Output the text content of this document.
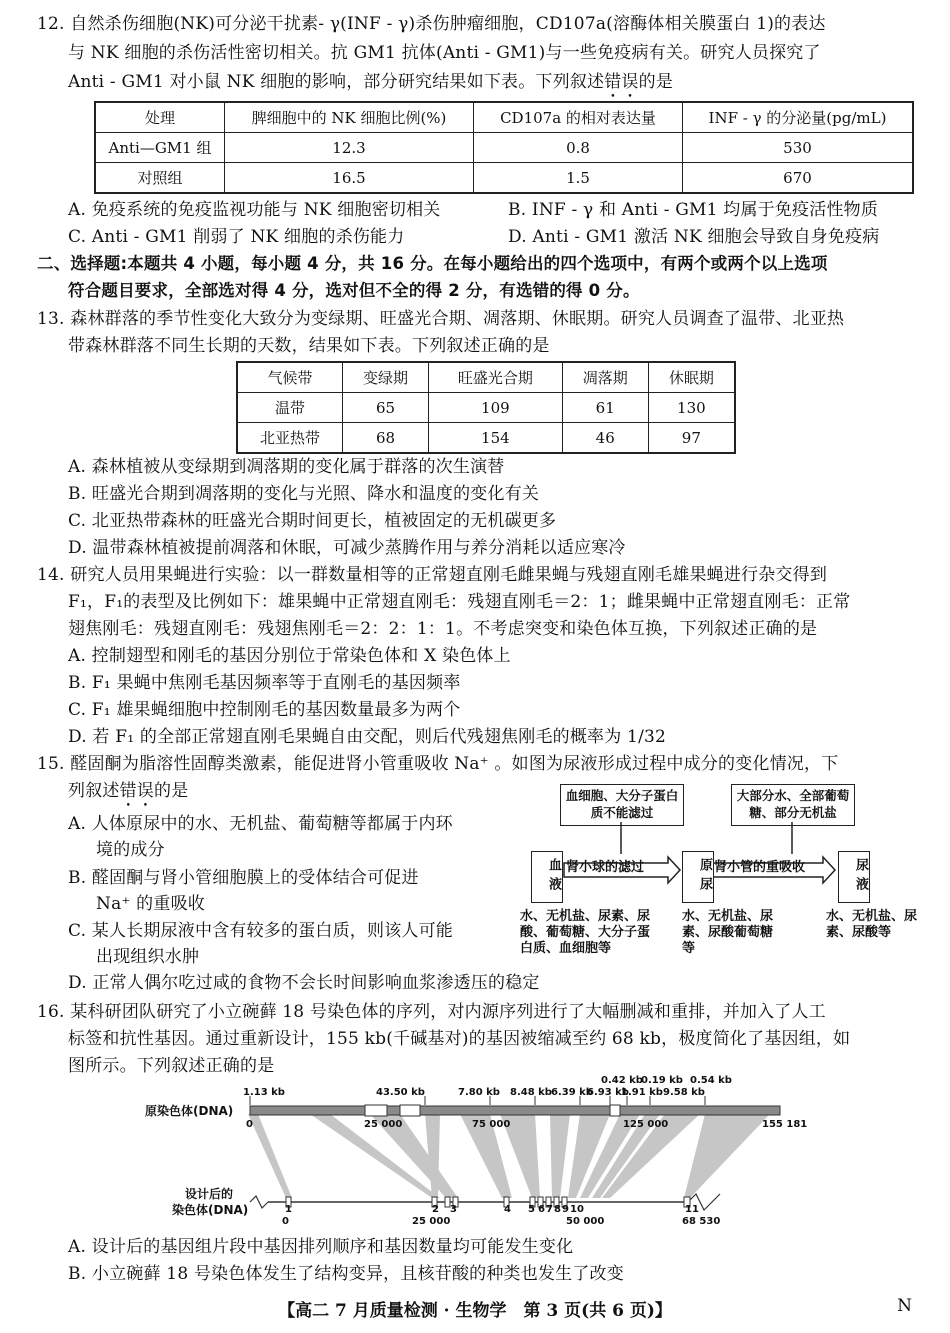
12. 自然杀伤细胞(NK)可分泌干扰素- γ(INF - γ)杀伤肿瘤细胞，CD107a(溶酶体相关膜蛋白 1)的表达
与 NK 细胞的杀伤活性密切相关。抗 GM1 抗体(Anti - GM1)与一些免疫病有关。研究人员探究了
Anti - GM1 对小鼠 NK 细胞的影响，部分研究结果如下表。下列叙述错误的是
处理	脾细胞中的 NK 细胞比例(%)	CD107a 的相对表达量	INF - γ 的分泌量(pg/mL)
Anti—GM1 组	12.3	0.8	530
对照组	16.5	1.5	670
A. 免疫系统的免疫监视功能与 NK 细胞密切相关	B. INF - γ 和 Anti - GM1 均属于免疫活性物质
C. Anti - GM1 削弱了 NK 细胞的杀伤能力	D. Anti - GM1 激活 NK 细胞会导致自身免疫病
二、选择题:本题共 4 小题，每小题 4 分，共 16 分。在每小题给出的四个选项中，有两个或两个以上选项
符合题目要求，全部选对得 4 分，选对但不全的得 2 分，有选错的得 0 分。
13. 森林群落的季节性变化大致分为变绿期、旺盛光合期、凋落期、休眠期。研究人员调查了温带、北亚热
带森林群落不同生长期的天数，结果如下表。下列叙述正确的是
气候带	变绿期	旺盛光合期	凋落期	休眠期
温带	65	109	61	130
北亚热带	68	154	46	97
A. 森林植被从变绿期到凋落期的变化属于群落的次生演替
B. 旺盛光合期到凋落期的变化与光照、降水和温度的变化有关
C. 北亚热带森林的旺盛光合期时间更长，植被固定的无机碳更多
D. 温带森林植被提前凋落和休眠，可减少蒸腾作用与养分消耗以适应寒冷
14. 研究人员用果蝇进行实验：以一群数量相等的正常翅直刚毛雌果蝇与残翅直刚毛雄果蝇进行杂交得到
F₁，F₁的表型及比例如下：雄果蝇中正常翅直刚毛：残翅直刚毛＝2：1；雌果蝇中正常翅直刚毛：正常
翅焦刚毛：残翅直刚毛：残翅焦刚毛＝2：2：1：1。不考虑突变和染色体互换，下列叙述正确的是
A. 控制翅型和刚毛的基因分别位于常染色体和 X 染色体上
B. F₁ 果蝇中焦刚毛基因频率等于直刚毛的基因频率
C. F₁ 雄果蝇细胞中控制刚毛的基因数量最多为两个
D. 若 F₁ 的全部正常翅直刚毛果蝇自由交配，则后代残翅焦刚毛的概率为 1/32
15. 醛固酮为脂溶性固醇类激素，能促进肾小管重吸收 Na⁺ 。如图为尿液形成过程中成分的变化情况，下
列叙述错误的是
A. 人体原尿中的水、无机盐、葡萄糖等都属于内环
境的成分
B. 醛固酮与肾小管细胞膜上的受体结合可促进
Na⁺ 的重吸收
C. 某人长期尿液中含有较多的蛋白质，则该人可能
出现组织水肿
D. 正常人偶尔吃过咸的食物不会长时间影响血浆渗透压的稳定
血细胞、大分子蛋白质不能滤过
大部分水、全部葡萄糖、部分无机盐
肾小球的滤过	肾小管的重吸收
血液	原尿	尿液
水、无机盐、尿素、尿酸、葡萄糖、大分子蛋白质、血细胞等
水、无机盐、尿素、尿酸葡萄糖等
水、无机盐、尿素、尿酸等
16. 某科研团队研究了小立碗藓 18 号染色体的序列，对内源序列进行了大幅删减和重排，并加入了人工
标签和抗性基因。通过重新设计，155 kb(千碱基对)的基因被缩减至约 68 kb，极度简化了基因组，如
图所示。下列叙述正确的是
原染色体(DNA)
设计后的
染色体(DNA)
1.13 kb	43.50 kb	7.80 kb 8.48 kb 6.39 kb
6.93 kb
0.42 kb
1.91 kb
0.19 kb
9.58 kb
0.54 kb
0	25 000	75 000	125 000	155 181
1	2 3	4 5 6 7 8 9 10	11
0	25 000	50 000	68 530
A. 设计后的基因组片段中基因排列顺序和基因数量均可能发生变化
B. 小立碗藓 18 号染色体发生了结构变异，且核苷酸的种类也发生了改变
【高二 7 月质量检测 · 生物学　第 3 页(共 6 页)】	N
